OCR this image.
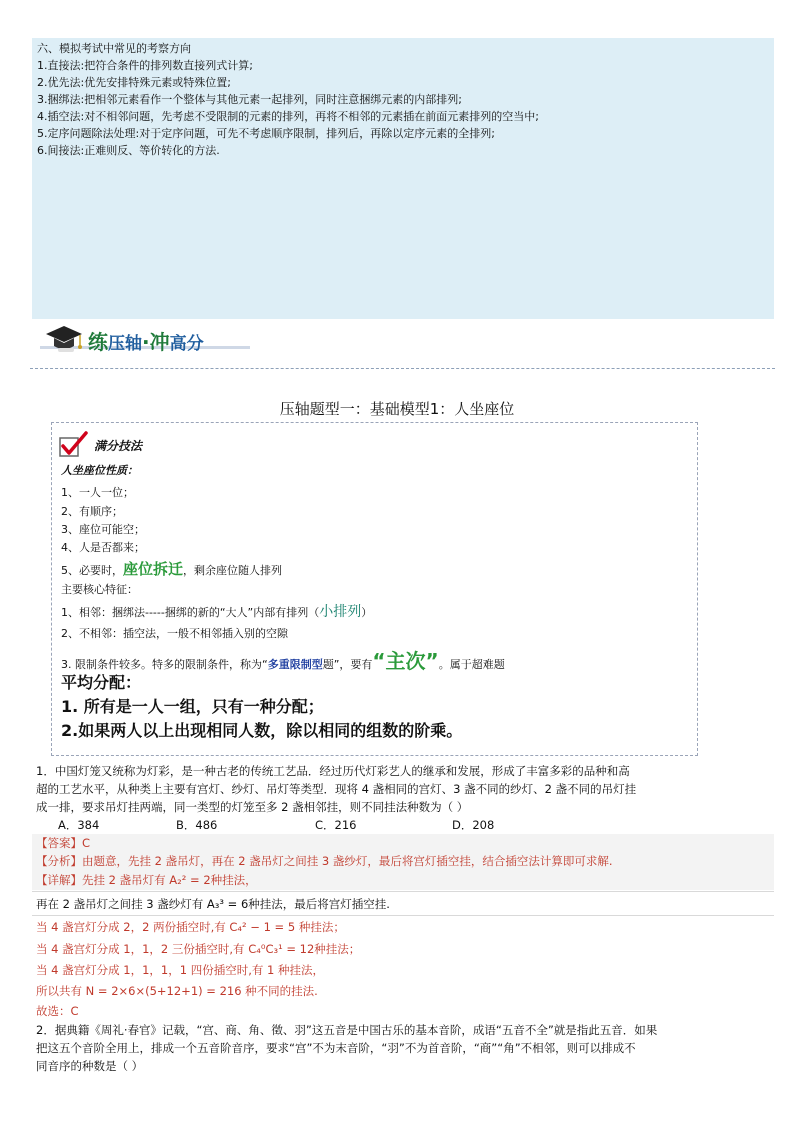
六、模拟考试中常见的考察方向
1.直接法:把符合条件的排列数直接列式计算;
2.优先法:优先安排特殊元素或特殊位置;
3.捆绑法:把相邻元素看作一个整体与其他元素一起排列，同时注意捆绑元素的内部排列;
4.插空法:对不相邻问题，先考虑不受限制的元素的排列，再将不相邻的元素插在前面元素排列的空当中;
5.定序问题除法处理:对于定序问题，可先不考虑顺序限制，排列后，再除以定序元素的全排列;
6.间接法:正难则反、等价转化的方法.
练压轴·冲高分
压轴题型一：基础模型1：人坐座位
满分技法
人坐座位性质：
1、一人一位；
2、有顺序；
3、座位可能空；
4、人是否都来；
5、必要时，座位拆迁，剩余座位随人排列
主要核心特征：
1、相邻：捆绑法-----捆绑的新的“大人”内部有排列（小排列）
2、不相邻：插空法，一般不相邻插入别的空隙
3. 限制条件较多。特多的限制条件，称为“多重限制型题”，要有“主次”。属于超难题
平均分配：
1. 所有是一人一组，只有一种分配；
2.如果两人以上出现相同人数，除以相同的组数的阶乘。
1．中国灯笼又统称为灯彩，是一种古老的传统工艺品．经过历代灯彩艺人的继承和发展，形成了丰富多彩的品种和高
超的工艺水平，从种类上主要有宫灯、纱灯、吊灯等类型．现将 4 盏相同的宫灯、3 盏不同的纱灯、2 盏不同的吊灯挂
成一排，要求吊灯挂两端，同一类型的灯笼至多 2 盏相邻挂，则不同挂法种数为（ ）
A．384	B．486	C．216	D．208
【答案】C
【分析】由题意，先挂 2 盏吊灯，再在 2 盏吊灯之间挂 3 盏纱灯，最后将宫灯插空挂，结合插空法计算即可求解.
【详解】先挂 2 盏吊灯有 A₂² = 2种挂法，
再在 2 盏吊灯之间挂 3 盏纱灯有 A₃³ = 6种挂法，最后将宫灯插空挂.
当 4 盏宫灯分成 2，2 两份插空时,有 C₄² − 1 = 5 种挂法；
当 4 盏宫灯分成 1，1，2 三份插空时,有 C₄⁰C₃¹ = 12种挂法；
当 4 盏宫灯分成 1，1，1，1 四份插空时,有 1 种挂法，
所以共有 N = 2×6×(5+12+1) = 216 种不同的挂法.
故选：C
2．据典籍《周礼·春官》记载，“宫、商、角、徵、羽”这五音是中国古乐的基本音阶，成语“五音不全”就是指此五音．如果
把这五个音阶全用上，排成一个五音阶音序，要求“宫”不为末音阶，“羽”不为首音阶，“商”“角”不相邻，则可以排成不
同音序的种数是（ ）
